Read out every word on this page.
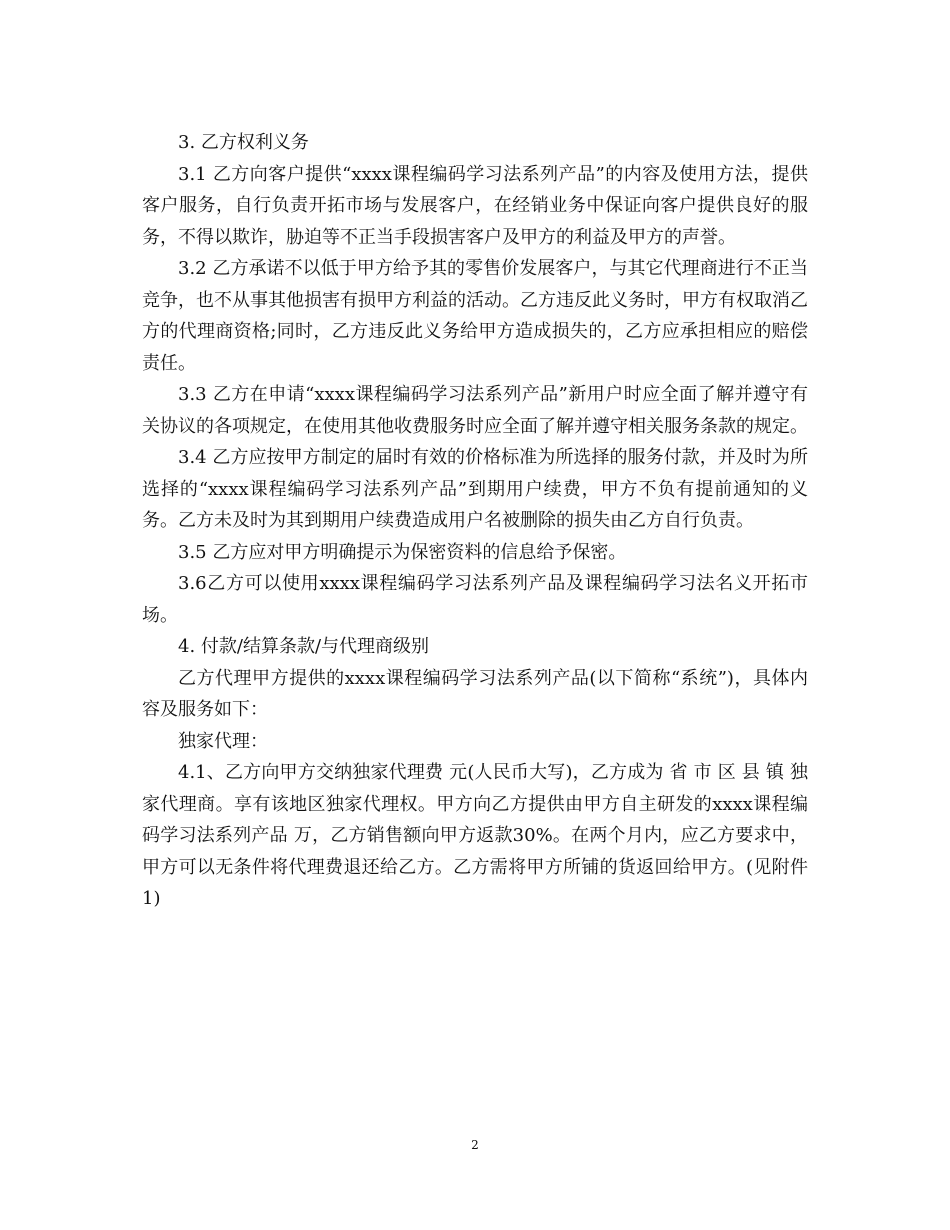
3. 乙方权利义务

3.1 乙方向客户提供“xxxx课程编码学习法系列产品”的内容及使用方法，提供客户服务，自行负责开拓市场与发展客户，在经销业务中保证向客户提供良好的服务，不得以欺诈，胁迫等不正当手段损害客户及甲方的利益及甲方的声誉。

3.2 乙方承诺不以低于甲方给予其的零售价发展客户，与其它代理商进行不正当竞争，也不从事其他损害有损甲方利益的活动。乙方违反此义务时，甲方有权取消乙方的代理商资格;同时，乙方违反此义务给甲方造成损失的，乙方应承担相应的赔偿责任。

3.3 乙方在申请“xxxx课程编码学习法系列产品”新用户时应全面了解并遵守有关协议的各项规定，在使用其他收费服务时应全面了解并遵守相关服务条款的规定。

3.4 乙方应按甲方制定的届时有效的价格标准为所选择的服务付款，并及时为所选择的“xxxx课程编码学习法系列产品”到期用户续费，甲方不负有提前通知的义务。乙方未及时为其到期用户续费造成用户名被删除的损失由乙方自行负责。

3.5 乙方应对甲方明确提示为保密资料的信息给予保密。

3.6乙方可以使用xxxx课程编码学习法系列产品及课程编码学习法名义开拓市场。

4. 付款/结算条款/与代理商级别

乙方代理甲方提供的xxxx课程编码学习法系列产品(以下简称“系统”)，具体内容及服务如下：

独家代理：

4.1、乙方向甲方交纳独家代理费 元(人民币大写)，乙方成为 省 市 区 县 镇 独家代理商。享有该地区独家代理权。甲方向乙方提供由甲方自主研发的xxxx课程编码学习法系列产品 万，乙方销售额向甲方返款30%。在两个月内，应乙方要求中，甲方可以无条件将代理费退还给乙方。乙方需将甲方所铺的货返回给甲方。(见附件1)

2
